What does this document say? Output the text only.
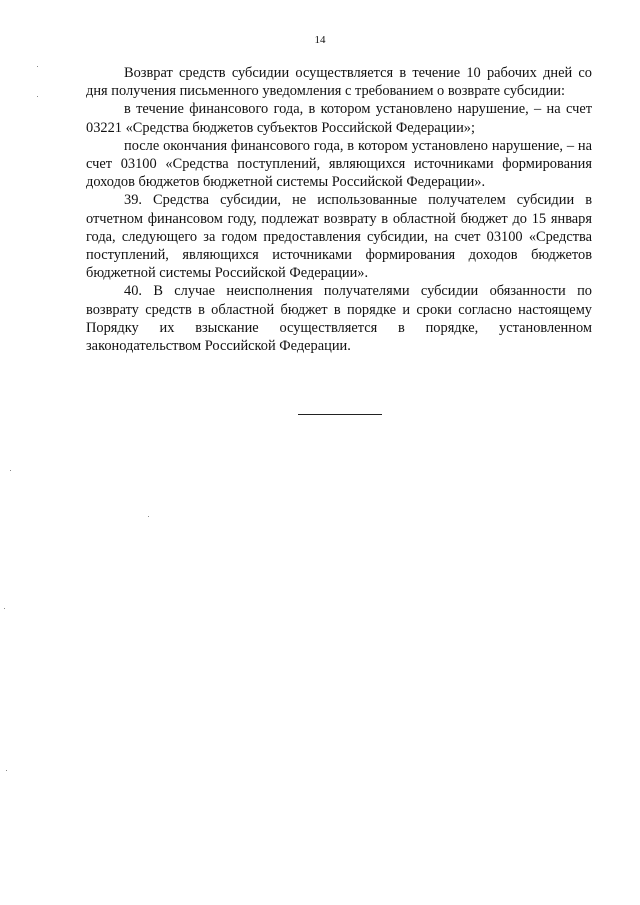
14

Возврат средств субсидии осуществляется в течение 10 рабочих дней со дня получения письменного уведомления с требованием о возврате субсидии:

в течение финансового года, в котором установлено нарушение, – на счет 03221 «Средства бюджетов субъектов Российской Федерации»;

после окончания финансового года, в котором установлено нарушение, – на счет 03100 «Средства поступлений, являющихся источниками формирования доходов бюджетов бюджетной системы Российской Федерации».

39. Средства субсидии, не использованные получателем субсидии в отчетном финансовом году, подлежат возврату в областной бюджет до 15 января года, следующего за годом предоставления субсидии, на счет 03100 «Средства поступлений, являющихся источниками формирования доходов бюджетов бюджетной системы Российской Федерации».

40. В случае неисполнения получателями субсидии обязанности по возврату средств в областной бюджет в порядке и сроки согласно настоящему Порядку их взыскание осуществляется в порядке, установленном законодательством Российской Федерации.
